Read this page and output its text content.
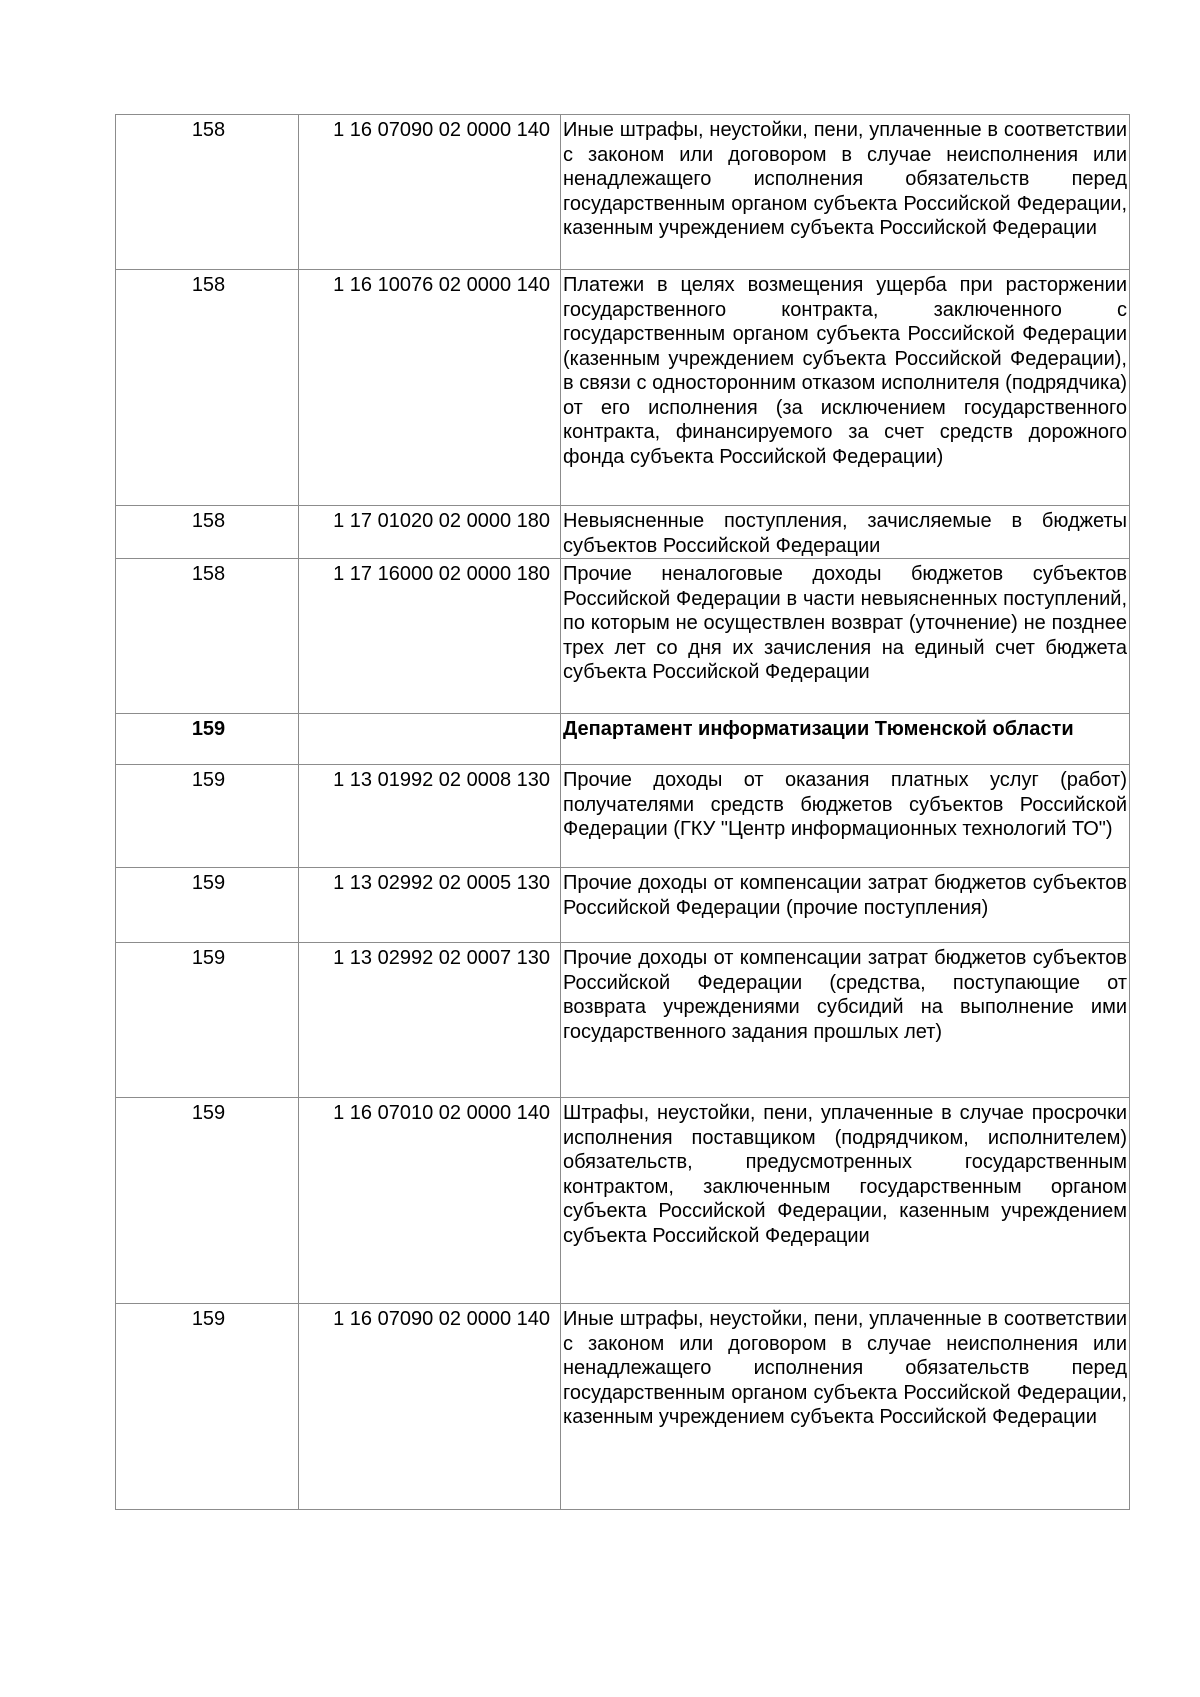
158	1 16 07090 02 0000 140	Иные штрафы, неустойки, пени, уплаченные в соответствии с законом или договором в случае неисполнения или ненадлежащего исполнения обязательств перед государственным органом субъекта Российской Федерации, казенным учреждением субъекта Российской Федерации
158	1 16 10076 02 0000 140	Платежи в целях возмещения ущерба при расторжении государственного контракта, заключенного с государственным органом субъекта Российской Федерации (казенным учреждением субъекта Российской Федерации), в связи с односторонним отказом исполнителя (подрядчика) от его исполнения (за исключением государственного контракта, финансируемого за счет средств дорожного фонда субъекта Российской Федерации)
158	1 17 01020 02 0000 180	Невыясненные поступления, зачисляемые в бюджеты субъектов Российской Федерации
158	1 17 16000 02 0000 180	Прочие неналоговые доходы бюджетов субъектов Российской Федерации в части невыясненных поступлений, по которым не осуществлен возврат (уточнение) не позднее трех лет со дня их зачисления на единый счет бюджета субъекта Российской Федерации
159		Департамент информатизации Тюменской области
159	1 13 01992 02 0008 130	Прочие доходы от оказания платных услуг (работ) получателями средств бюджетов субъектов Российской Федерации (ГКУ "Центр информационных технологий ТО")
159	1 13 02992 02 0005 130	Прочие доходы от компенсации затрат бюджетов субъектов Российской Федерации (прочие поступления)
159	1 13 02992 02 0007 130	Прочие доходы от компенсации затрат бюджетов субъектов Российской Федерации (средства, поступающие от возврата учреждениями субсидий на выполнение ими государственного задания прошлых лет)
159	1 16 07010 02 0000 140	Штрафы, неустойки, пени, уплаченные в случае просрочки исполнения поставщиком (подрядчиком, исполнителем) обязательств, предусмотренных государственным контрактом, заключенным государственным органом субъекта Российской Федерации, казенным учреждением субъекта Российской Федерации
159	1 16 07090 02 0000 140	Иные штрафы, неустойки, пени, уплаченные в соответствии с законом или договором в случае неисполнения или ненадлежащего исполнения обязательств перед государственным органом субъекта Российской Федерации, казенным учреждением субъекта Российской Федерации
